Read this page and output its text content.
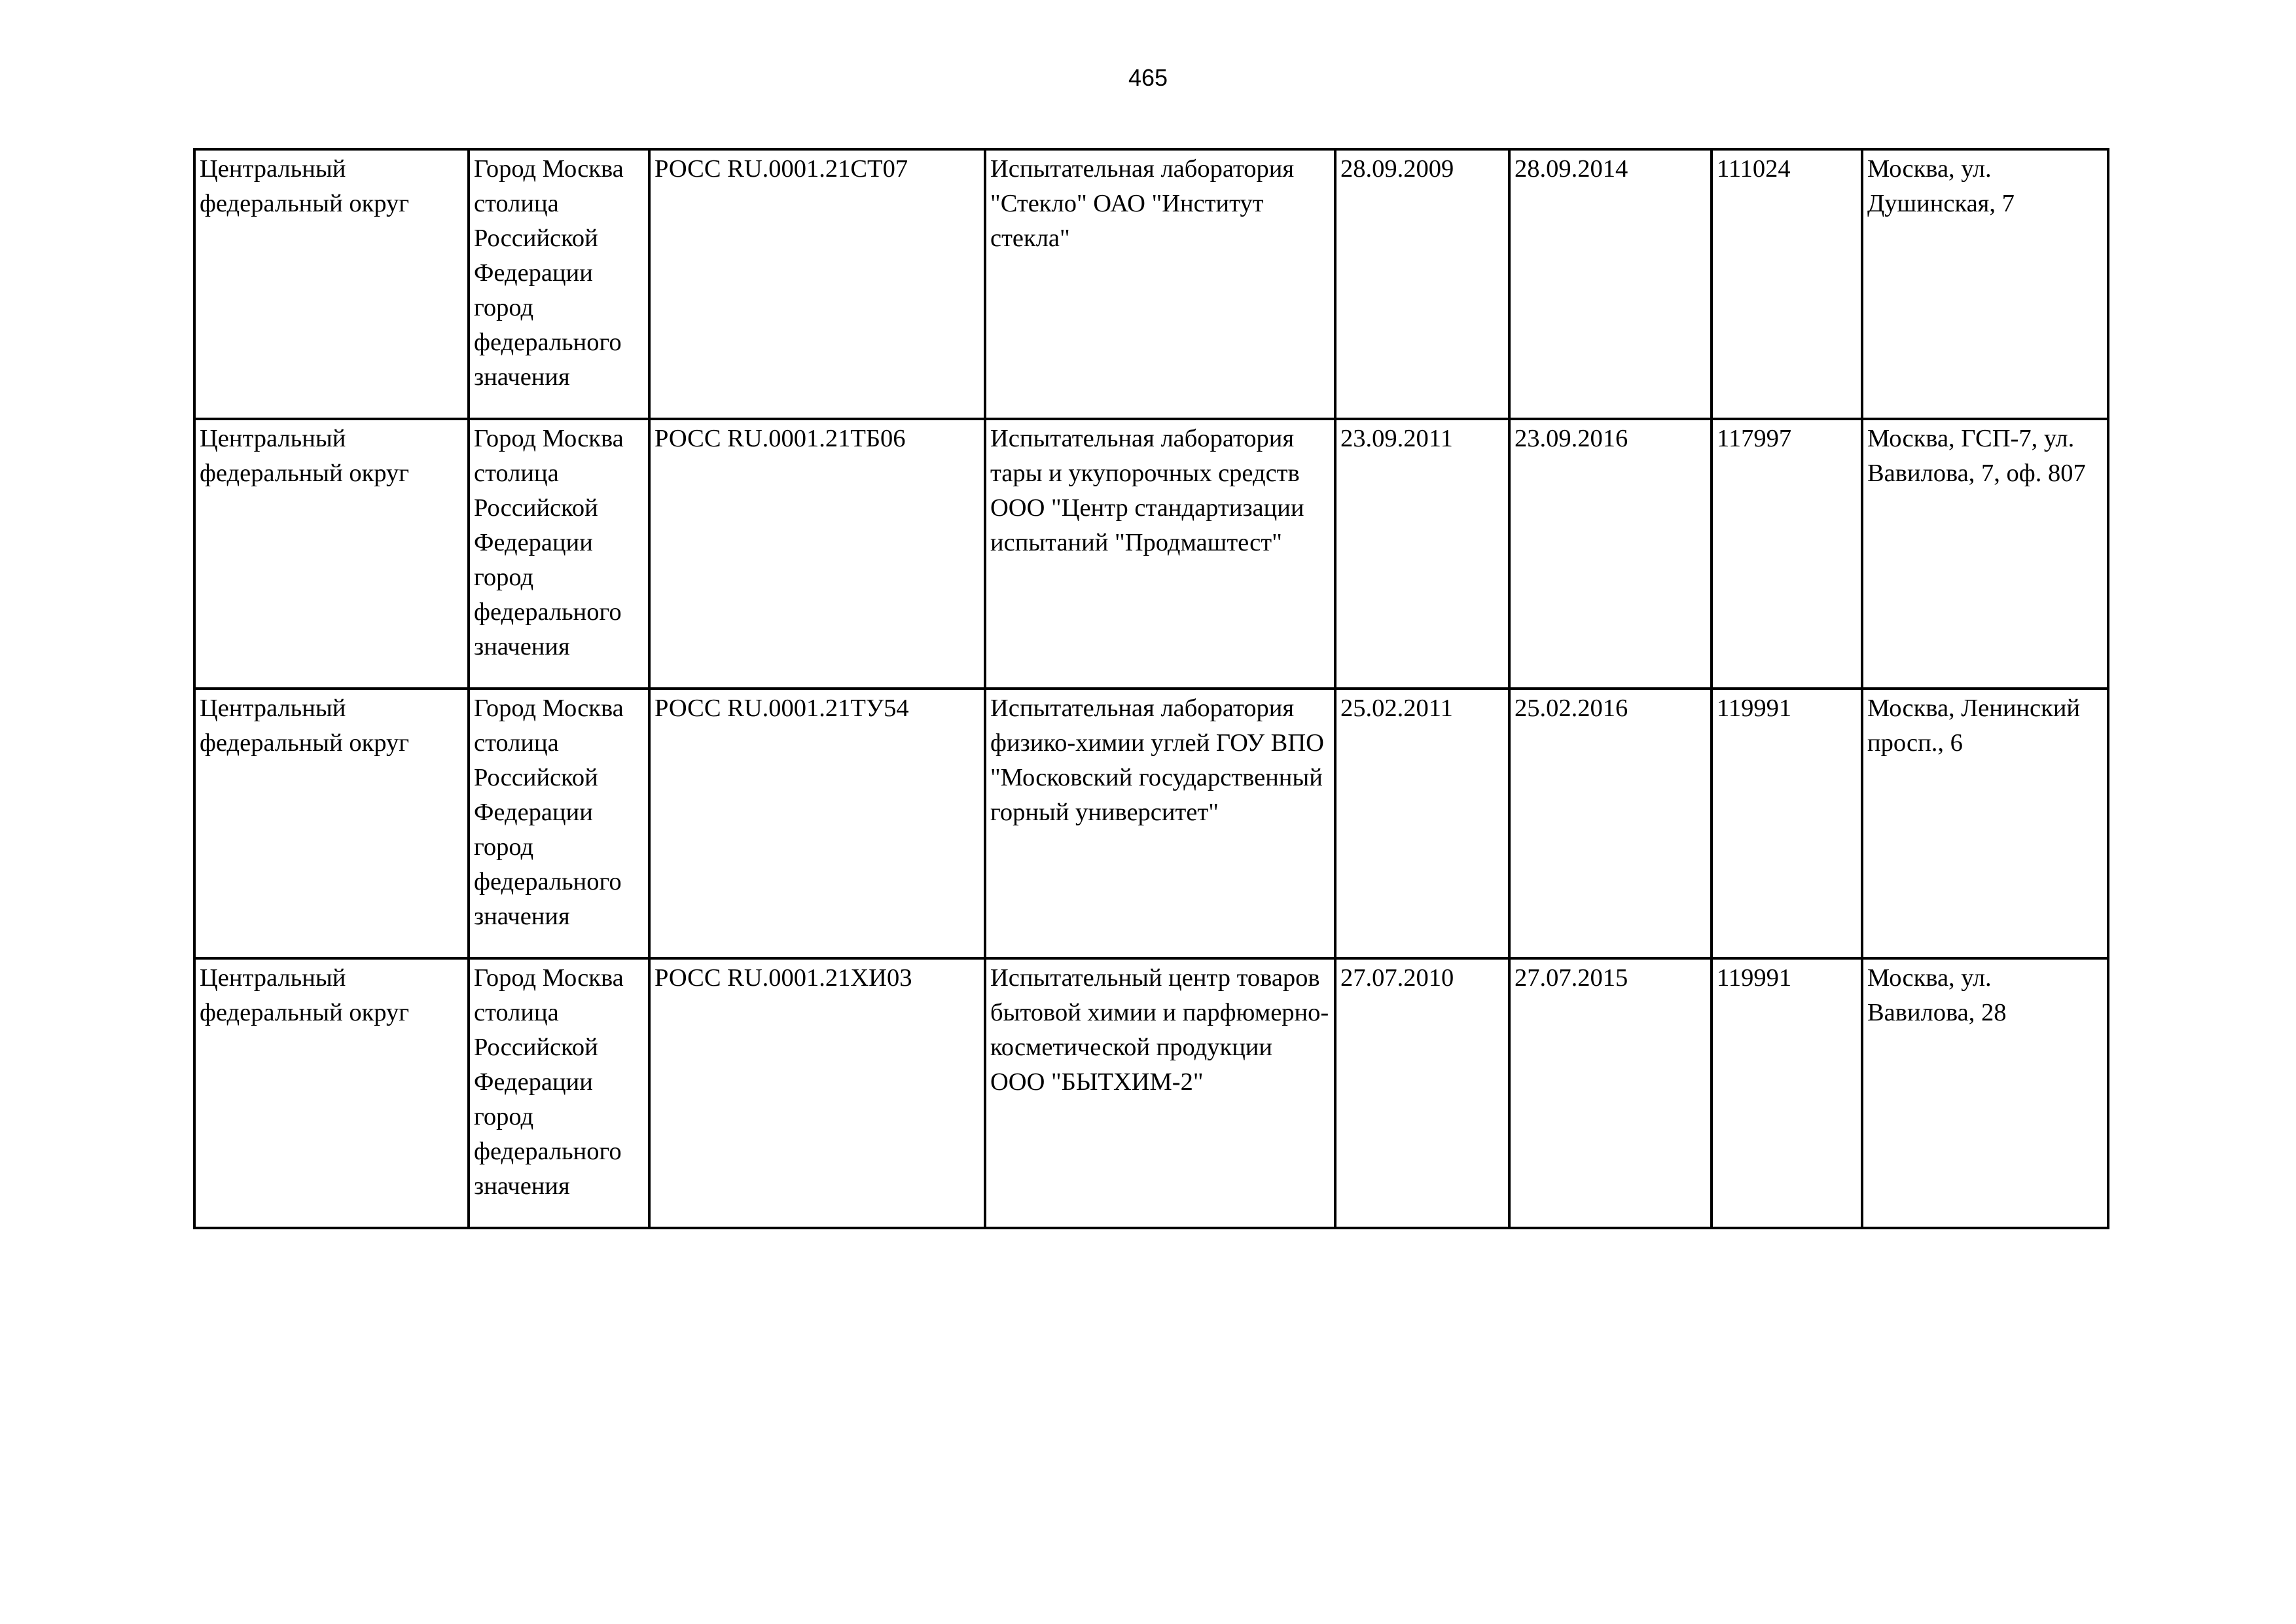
465
Центральный федеральный округ	Город Москва столица Российской Федерации город федерального значения	РОСС RU.0001.21СТ07	Испытательная лаборатория "Стекло" ОАО "Институт стекла"	28.09.2009	28.09.2014	111024	Москва, ул. Душинская, 7

Центральный федеральный округ	Город Москва столица Российской Федерации город федерального значения	РОСС RU.0001.21ТБ06	Испытательная лаборатория тары и укупорочных средств ООО "Центр стандартизации испытаний "Продмаштест"	23.09.2011	23.09.2016	117997	Москва, ГСП-7, ул. Вавилова, 7, оф. 807

Центральный федеральный округ	Город Москва столица Российской Федерации город федерального значения	РОСС RU.0001.21ТУ54	Испытательная лаборатория физико-химии углей ГОУ ВПО "Московский государственный горный университет"	25.02.2011	25.02.2016	119991	Москва, Ленинский просп., 6

Центральный федеральный округ	Город Москва столица Российской Федерации город федерального значения	РОСС RU.0001.21ХИ03	Испытательный центр товаров бытовой химии и парфюмерно-косметической продукции ООО "БЫТХИМ-2"	27.07.2010	27.07.2015	119991	Москва, ул. Вавилова, 28
